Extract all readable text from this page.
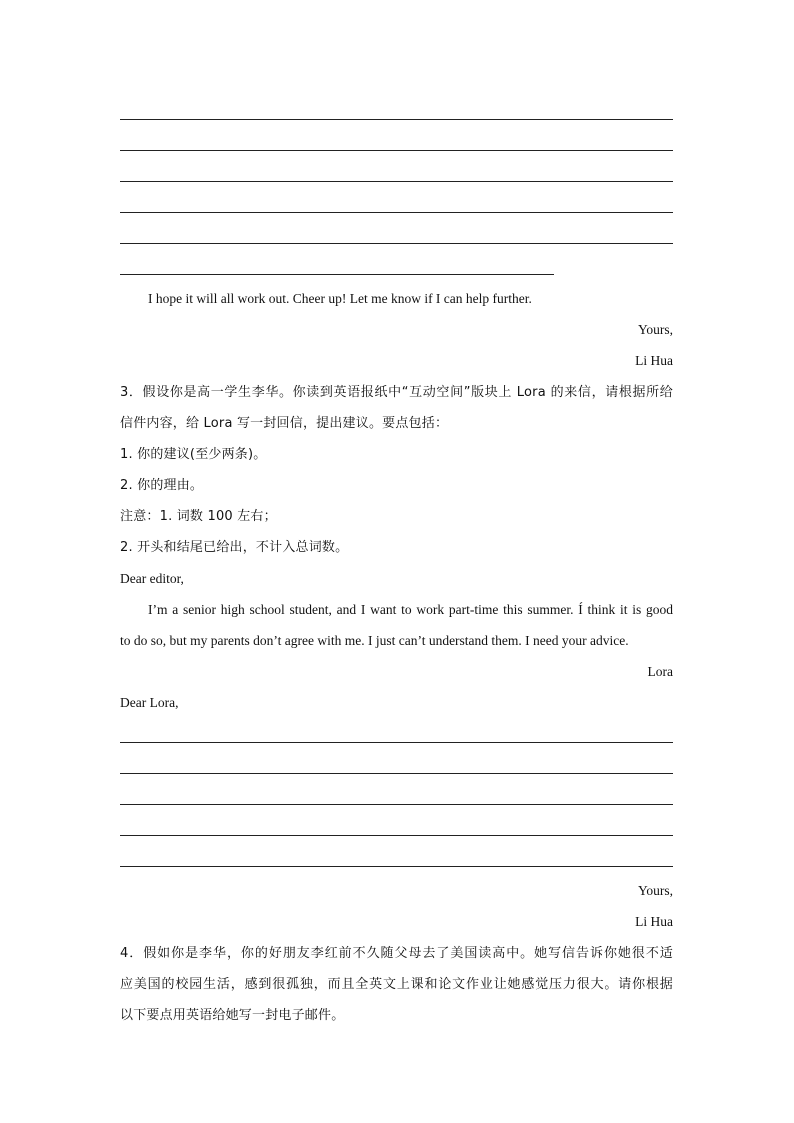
I hope it will all work out. Cheer up! Let me know if I can help further.
Yours,
Li Hua
3．假设你是高一学生李华。你读到英语报纸中“互动空间”版块上 Lora 的来信，请根据所给
信件内容，给 Lora 写一封回信，提出建议。要点包括：
1. 你的建议(至少两条)。
2. 你的理由。
注意：1. 词数 100 左右；
2. 开头和结尾已给出，不计入总词数。
Dear editor,
I’m a senior high school student, and I want to work part-time this summer. Í think it is good
to do so, but my parents don’t agree with me. I just can’t understand them. I need your advice.
Lora
Dear Lora,
Yours,
Li Hua
4．假如你是李华，你的好朋友李红前不久随父母去了美国读高中。她写信告诉你她很不适
应美国的校园生活，感到很孤独，而且全英文上课和论文作业让她感觉压力很大。请你根据
以下要点用英语给她写一封电子邮件。
